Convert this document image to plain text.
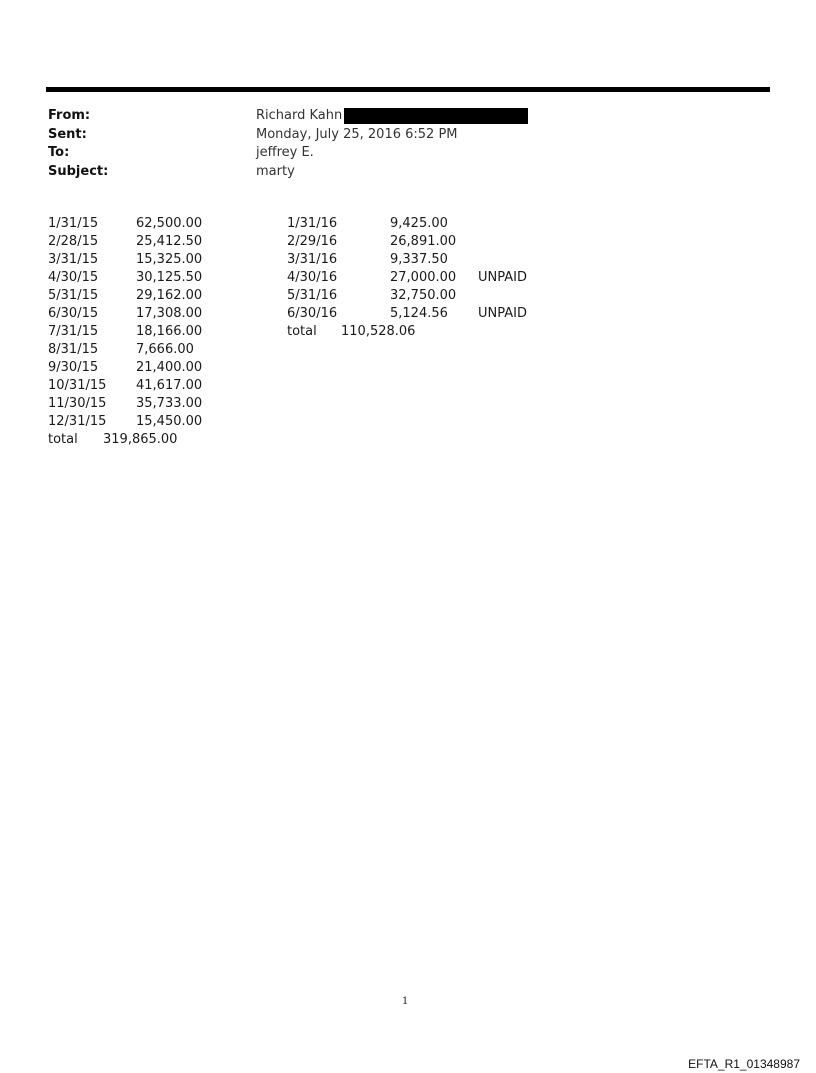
From:	Richard Kahn
Sent:	Monday, July 25, 2016 6:52 PM
To:	jeffrey E.
Subject:	marty
1/31/15	62,500.00
2/28/15	25,412.50
3/31/15	15,325.00
4/30/15	30,125.50
5/31/15	29,162.00
6/30/15	17,308.00
7/31/15	18,166.00
8/31/15	7,666.00
9/30/15	21,400.00
10/31/15	41,617.00
11/30/15	35,733.00
12/31/15	15,450.00
total	319,865.00
1/31/16	9,425.00
2/29/16	26,891.00
3/31/16	9,337.50
4/30/16	27,000.00	UNPAID
5/31/16	32,750.00
6/30/16	5,124.56	UNPAID
total	110,528.06
1
EFTA_R1_01348987
